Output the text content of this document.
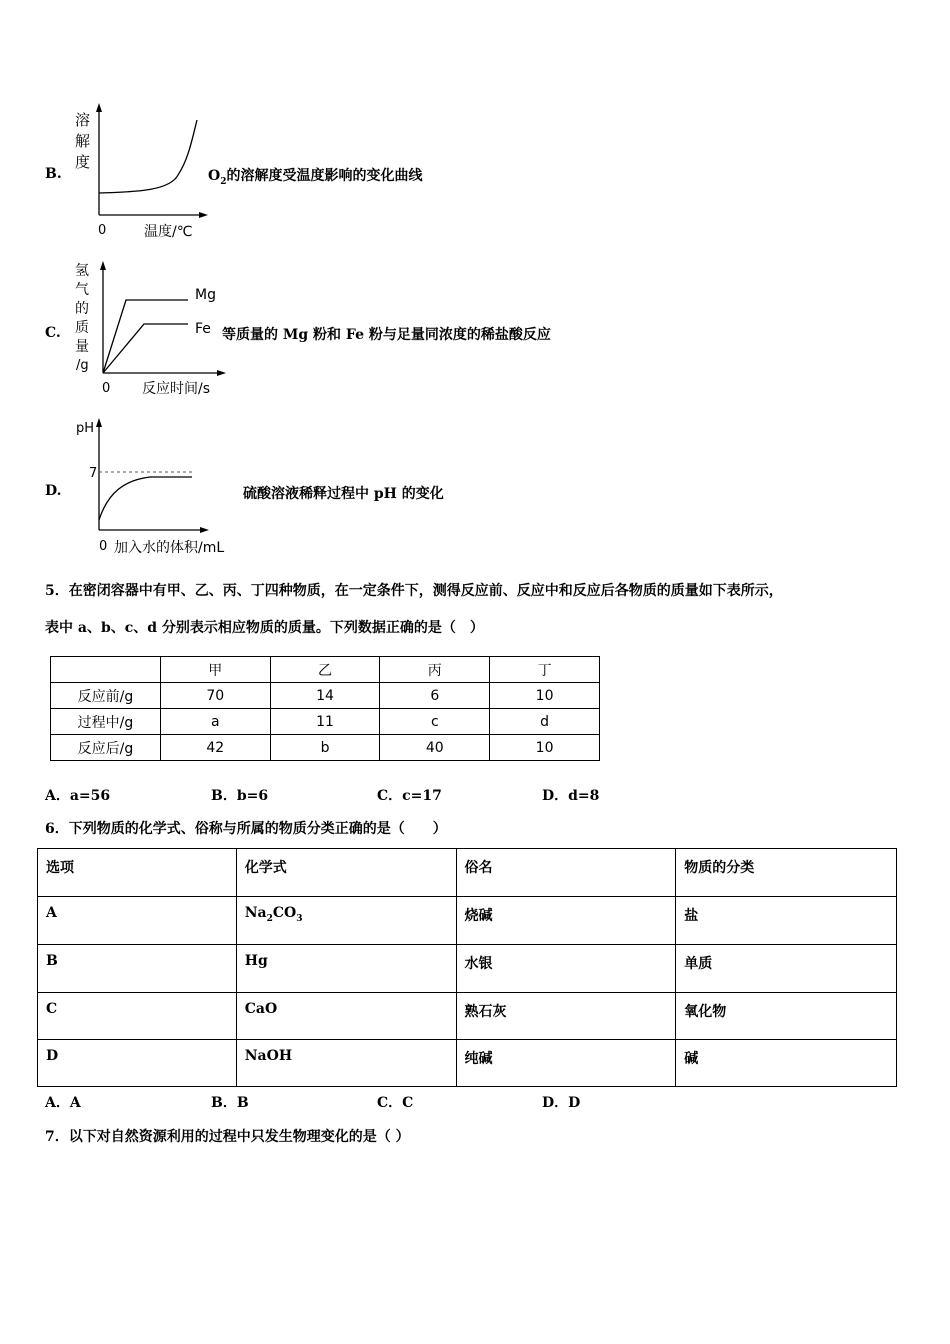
B.
溶
解
度
0	温度/℃
$O_2$的溶解度受温度影响的变化曲线
C.
氢
气
的
质
量
/g
Mg
Fe
0 反应时间/s
等质量的 Mg 粉和 Fe 粉与足量同浓度的稀盐酸反应
D.
pH
7
0 加入水的体积/mL
硫酸溶液稀释过程中 pH 的变化
5．在密闭容器中有甲、乙、丙、丁四种物质，在一定条件下，测得反应前、反应中和反应后各物质的质量如下表所示，
表中 a、b、c、d 分别表示相应物质的质量。下列数据正确的是（　）
	甲	乙	丙	丁
反应前/g	70	14	6	10
过程中/g	a	11	c	d
反应后/g	42	b	40	10
A．a=56	B．b=6	C．c=17	D．d=8
6．下列物质的化学式、俗称与所属的物质分类正确的是（　　）
选项	化学式	俗名	物质的分类
A	$Na_2CO_3$	烧碱	盐
B	Hg	水银	单质
C	CaO	熟石灰	氧化物
D	NaOH	纯碱	碱
A．A	B．B	C．C	D．D
7．以下对自然资源利用的过程中只发生物理变化的是（ ）
